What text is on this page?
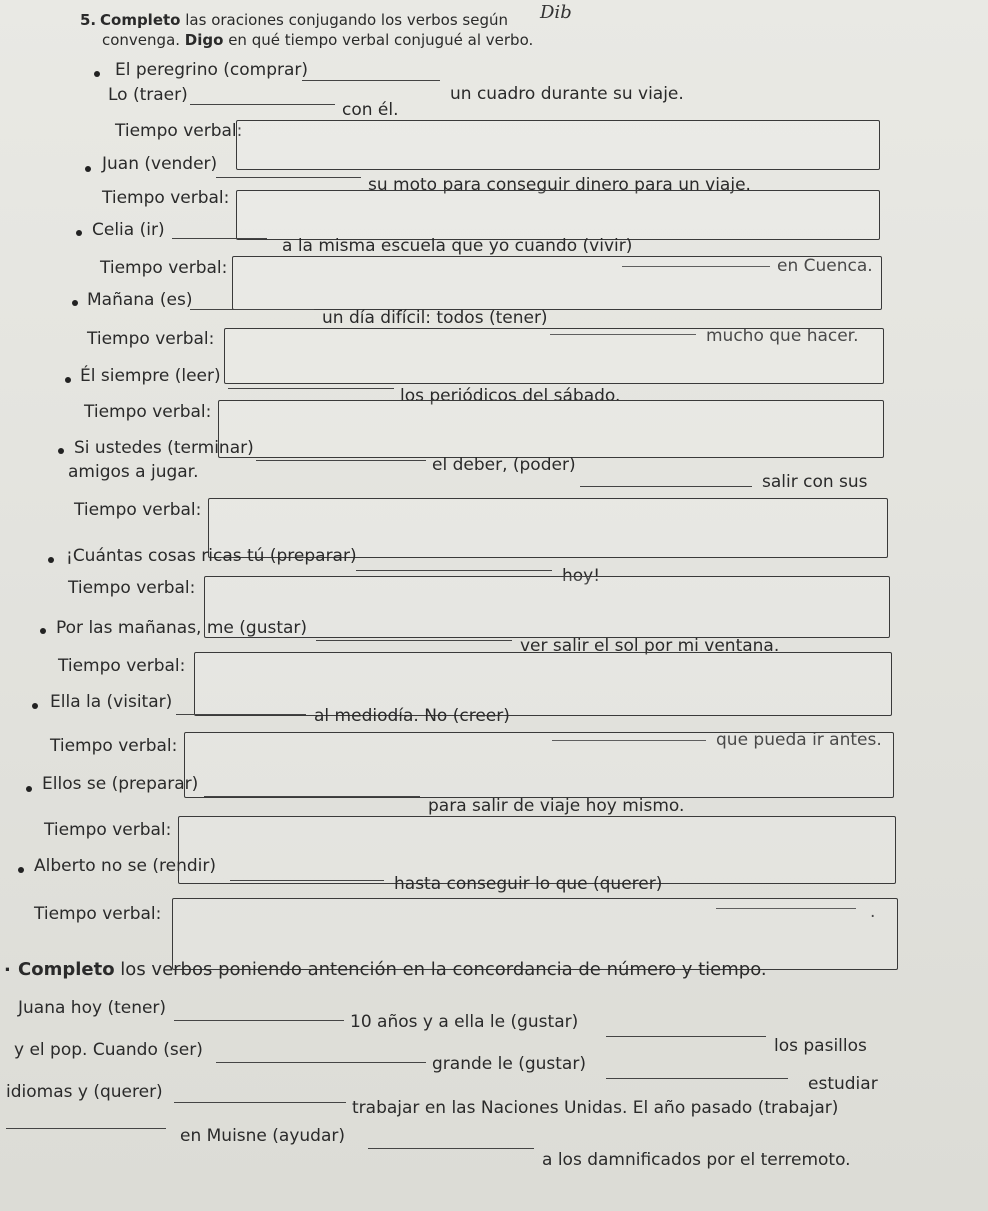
Dib
5. Completo las oraciones conjugando los verbos según
convenga. Digo en qué tiempo verbal conjugué al verbo.
El peregrino (comprar)
un cuadro durante su viaje.
Lo (traer)
con él.
Tiempo verbal:
Juan (vender)
su moto para conseguir dinero para un viaje.
Tiempo verbal:
Celia (ir)
a la misma escuela que yo cuando (vivir)
en Cuenca.
Tiempo verbal:
Mañana (es)
un día difícil: todos (tener)
mucho que hacer.
Tiempo verbal:
Él siempre (leer)
los periódicos del sábado.
Tiempo verbal:
Si ustedes (terminar)
el deber, (poder)
salir con sus
amigos a jugar.
Tiempo verbal:
¡Cuántas cosas ricas tú (preparar)
hoy!
Tiempo verbal:
Por las mañanas, me (gustar)
ver salir el sol por mi ventana.
Tiempo verbal:
Ella la (visitar)
al mediodía. No (creer)
que pueda ir antes.
Tiempo verbal:
Ellos se (preparar)
para salir de viaje hoy mismo.
Tiempo verbal:
Alberto no se (rendir)
hasta conseguir lo que (querer)
.
Tiempo verbal:
. Completo los verbos poniendo antención en la concordancia de número y tiempo.
Juana hoy (tener)
10 años y a ella le (gustar)
los pasillos
y el pop. Cuando (ser)
grande le (gustar)
estudiar
idiomas y (querer)
trabajar en las Naciones Unidas. El año pasado (trabajar)
en Muisne (ayudar)
a los damnificados por el terremoto.
